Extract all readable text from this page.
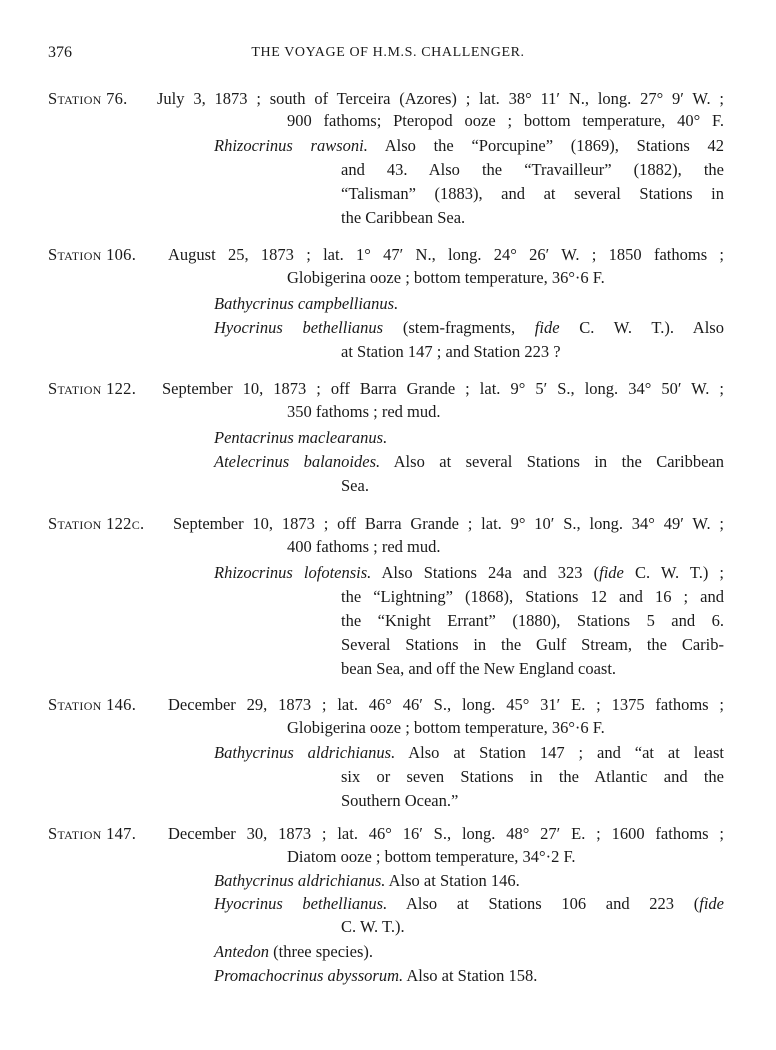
376	THE VOYAGE OF H.M.S. CHALLENGER.
Station 76. July 3, 1873 ; south of Terceira (Azores) ; lat. 38° 11′ N., long. 27° 9′ W. ;
900 fathoms; Pteropod ooze ; bottom temperature, 40° F.
Rhizocrinus rawsoni. Also the “Porcupine” (1869), Stations 42
and 43. Also the “Travailleur” (1882), the
“Talisman” (1883), and at several Stations in
the Caribbean Sea.
Station 106. August 25, 1873 ; lat. 1° 47′ N., long. 24° 26′ W. ; 1850 fathoms ;
Globigerina ooze ; bottom temperature, 36°·6 F.
Bathycrinus campbellianus.
Hyocrinus bethellianus (stem-fragments, fide C. W. T.). Also
at Station 147 ; and Station 223 ?
Station 122. September 10, 1873 ; off Barra Grande ; lat. 9° 5′ S., long. 34° 50′ W. ;
350 fathoms ; red mud.
Pentacrinus maclearanus.
Atelecrinus balanoides. Also at several Stations in the Caribbean
Sea.
Station 122c. September 10, 1873 ; off Barra Grande ; lat. 9° 10′ S., long. 34° 49′ W. ;
400 fathoms ; red mud.
Rhizocrinus lofotensis. Also Stations 24a and 323 (fide C. W. T.) ;
the “Lightning” (1868), Stations 12 and 16 ; and
the “Knight Errant” (1880), Stations 5 and 6.
Several Stations in the Gulf Stream, the Carib-
bean Sea, and off the New England coast.
Station 146. December 29, 1873 ; lat. 46° 46′ S., long. 45° 31′ E. ; 1375 fathoms ;
Globigerina ooze ; bottom temperature, 36°·6 F.
Bathycrinus aldrichianus. Also at Station 147 ; and “at at least
six or seven Stations in the Atlantic and the
Southern Ocean.”
Station 147. December 30, 1873 ; lat. 46° 16′ S., long. 48° 27′ E. ; 1600 fathoms ;
Diatom ooze ; bottom temperature, 34°·2 F.
Bathycrinus aldrichianus. Also at Station 146.
Hyocrinus bethellianus. Also at Stations 106 and 223 (fide
C. W. T.).
Antedon (three species).
Promachocrinus abyssorum. Also at Station 158.
